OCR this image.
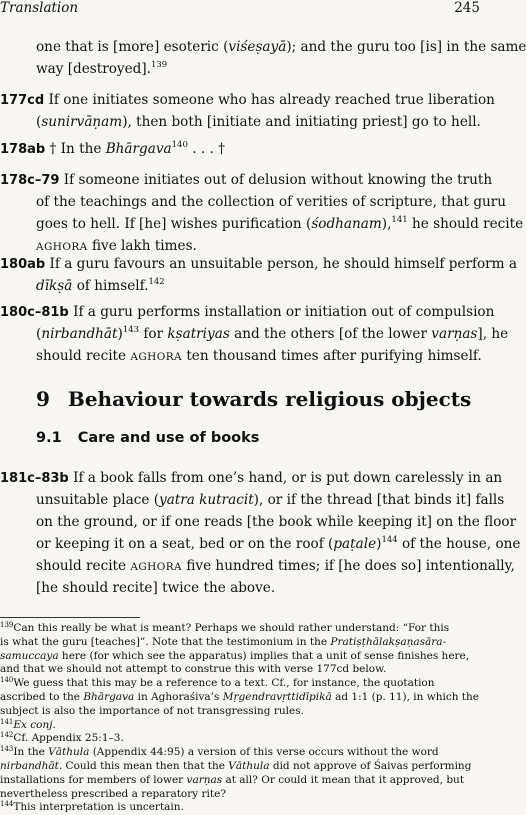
Translation	245
one that is [more] esoteric (viśeṣayā); and the guru too [is] in the same
way [destroyed].$^{139}$
177cd If one initiates someone who has already reached true liberation
(sunirvāṇam), then both [initiate and initiating priest] go to hell.
178ab † In the Bhārgava$^{140}$ . . . †
178c–79 If someone initiates out of delusion without knowing the truth
of the teachings and the collection of verities of scripture, that guru
goes to hell. If [he] wishes purification (śodhanam),$^{141}$ he should recite
AGHORA five lakh times.
180ab If a guru favours an unsuitable person, he should himself perform a
dīkṣā of himself.$^{142}$
180c–81b If a guru performs installation or initiation out of compulsion
(nirbandhāt)$^{143}$ for kṣatriyas and the others [of the lower varṇas], he
should recite AGHORA ten thousand times after purifying himself.
9 Behaviour towards religious objects
9.1 Care and use of books
181c–83b If a book falls from one’s hand, or is put down carelessly in an
unsuitable place (yatra kutracit), or if the thread [that binds it] falls
on the ground, or if one reads [the book while keeping it] on the floor
or keeping it on a seat, bed or on the roof (paṭale)$^{144}$ of the house, one
should recite AGHORA five hundred times; if [he does so] intentionally,
[he should recite] twice the above.
$^{139}$Can this really be what is meant? Perhaps we should rather understand: “For this
is what the guru [teaches]”. Note that the testimonium in the Pratiṣṭhālakṣaṇasāra-
samuccaya here (for which see the apparatus) implies that a unit of sense finishes here,
and that we should not attempt to construe this with verse 177cd below.
$^{140}$We guess that this may be a reference to a text. Cf., for instance, the quotation
ascribed to the Bhārgava in Aghoraśiva’s Mṛgendravṛttidīpikā ad 1:1 (p. 11), in which the
subject is also the importance of not transgressing rules.
$^{141}$Ex conj.
$^{142}$Cf. Appendix 25:1–3.
$^{143}$In the Vāthula (Appendix 44:95) a version of this verse occurs without the word
nirbandhāt. Could this mean then that the Vāthula did not approve of Śaivas performing
installations for members of lower varṇas at all? Or could it mean that it approved, but
nevertheless prescribed a reparatory rite?
$^{144}$This interpretation is uncertain.
